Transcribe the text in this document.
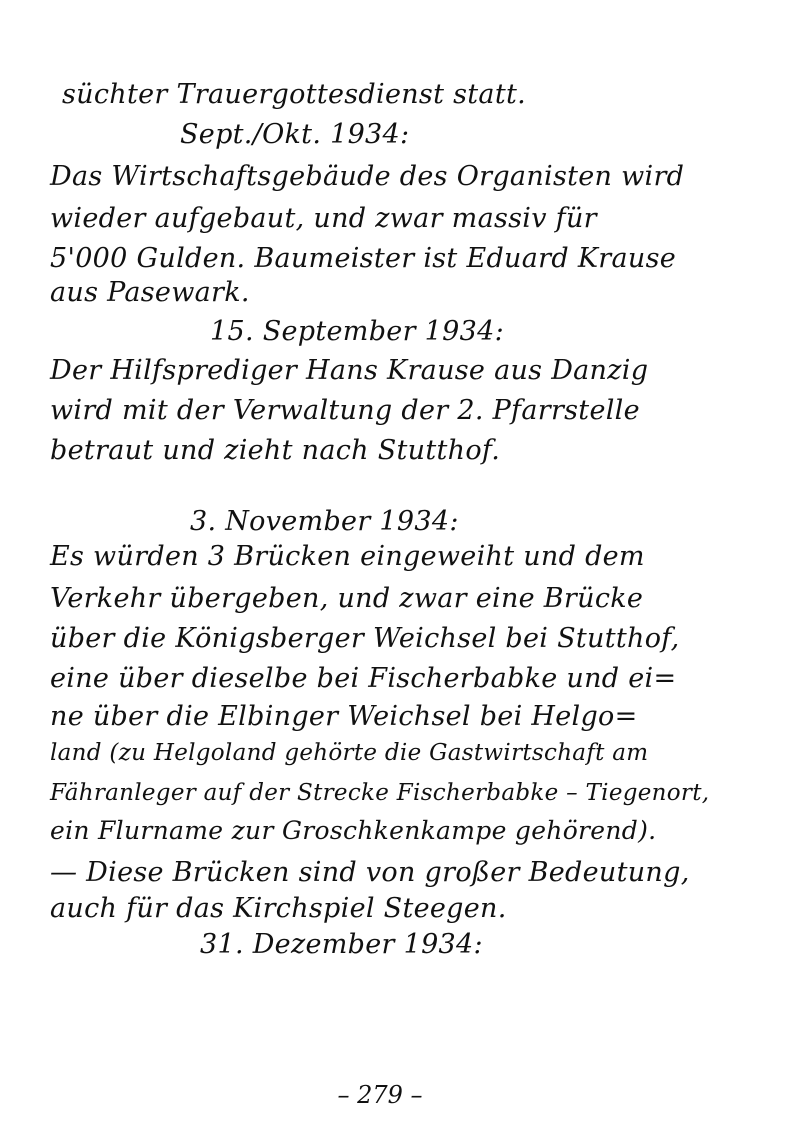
süchter Trauergottesdienst statt.
Sept./Okt. 1934:
Das Wirtschaftsgebäude des Organisten wird
wieder aufgebaut, und zwar massiv für
5'000 Gulden. Baumeister ist Eduard Krause
aus Pasewark.
15. September 1934:
Der Hilfsprediger Hans Krause aus Danzig
wird mit der Verwaltung der 2. Pfarrstelle
betraut und zieht nach Stutthof.
3. November 1934:
Es würden 3 Brücken eingeweiht und dem
Verkehr übergeben, und zwar eine Brücke
über die Königsberger Weichsel bei Stutthof,
eine über dieselbe bei Fischerbabke und ei=
ne über die Elbinger Weichsel bei Helgo=
land (zu Helgoland gehörte die Gastwirtschaft am
Fähranleger auf der Strecke Fischerbabke – Tiegenort,
ein Flurname zur Groschkenkampe gehörend).
— Diese Brücken sind von großer Bedeutung,
auch für das Kirchspiel Steegen.
31. Dezember 1934:
– 279 –
